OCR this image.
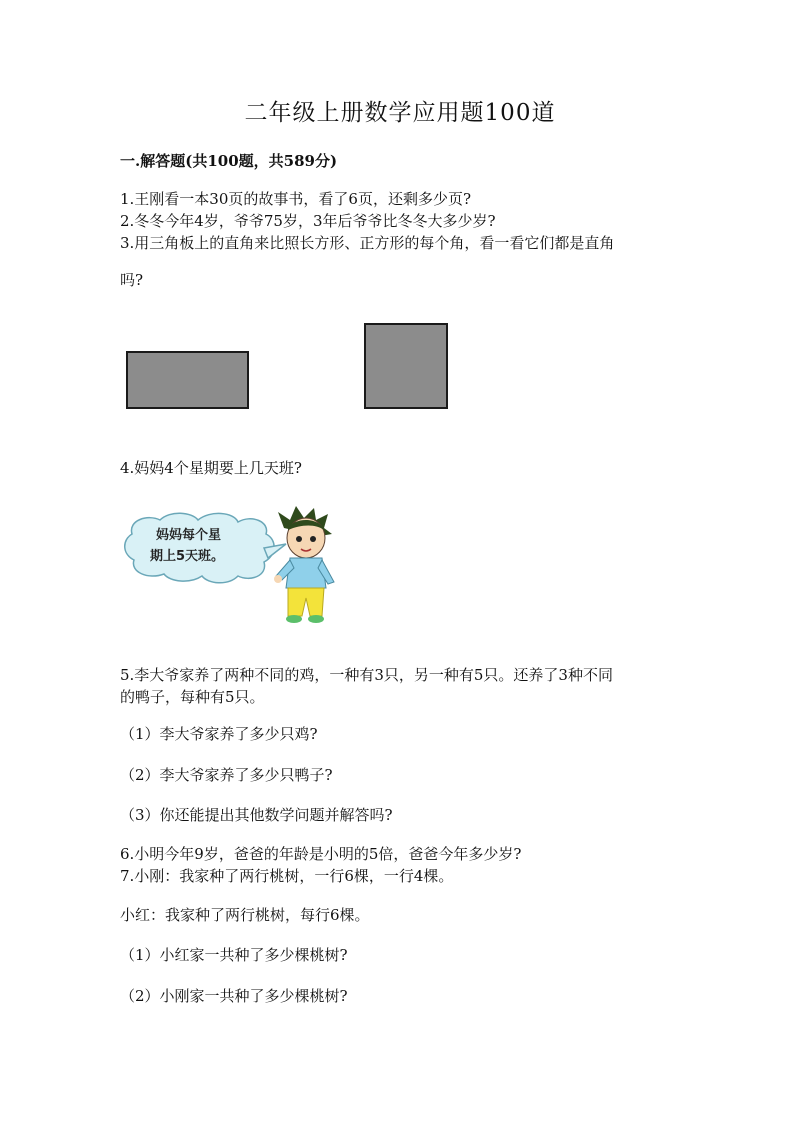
二年级上册数学应用题100道
一.解答题(共100题，共589分)
1.王刚看一本30页的故事书，看了6页，还剩多少页?
2.冬冬今年4岁，爷爷75岁，3年后爷爷比冬冬大多少岁?
3.用三角板上的直角来比照长方形、正方形的每个角，看一看它们都是直角
吗?
4.妈妈4个星期要上几天班?
妈妈每个星
期上5天班。
5.李大爷家养了两种不同的鸡，一种有3只，另一种有5只。还养了3种不同
的鸭子，每种有5只。
（1）李大爷家养了多少只鸡?
（2）李大爷家养了多少只鸭子?
（3）你还能提出其他数学问题并解答吗?
6.小明今年9岁，爸爸的年龄是小明的5倍，爸爸今年多少岁?
7.小刚：我家种了两行桃树，一行6棵，一行4棵。
小红：我家种了两行桃树，每行6棵。
（1）小红家一共种了多少棵桃树?
（2）小刚家一共种了多少棵桃树?
